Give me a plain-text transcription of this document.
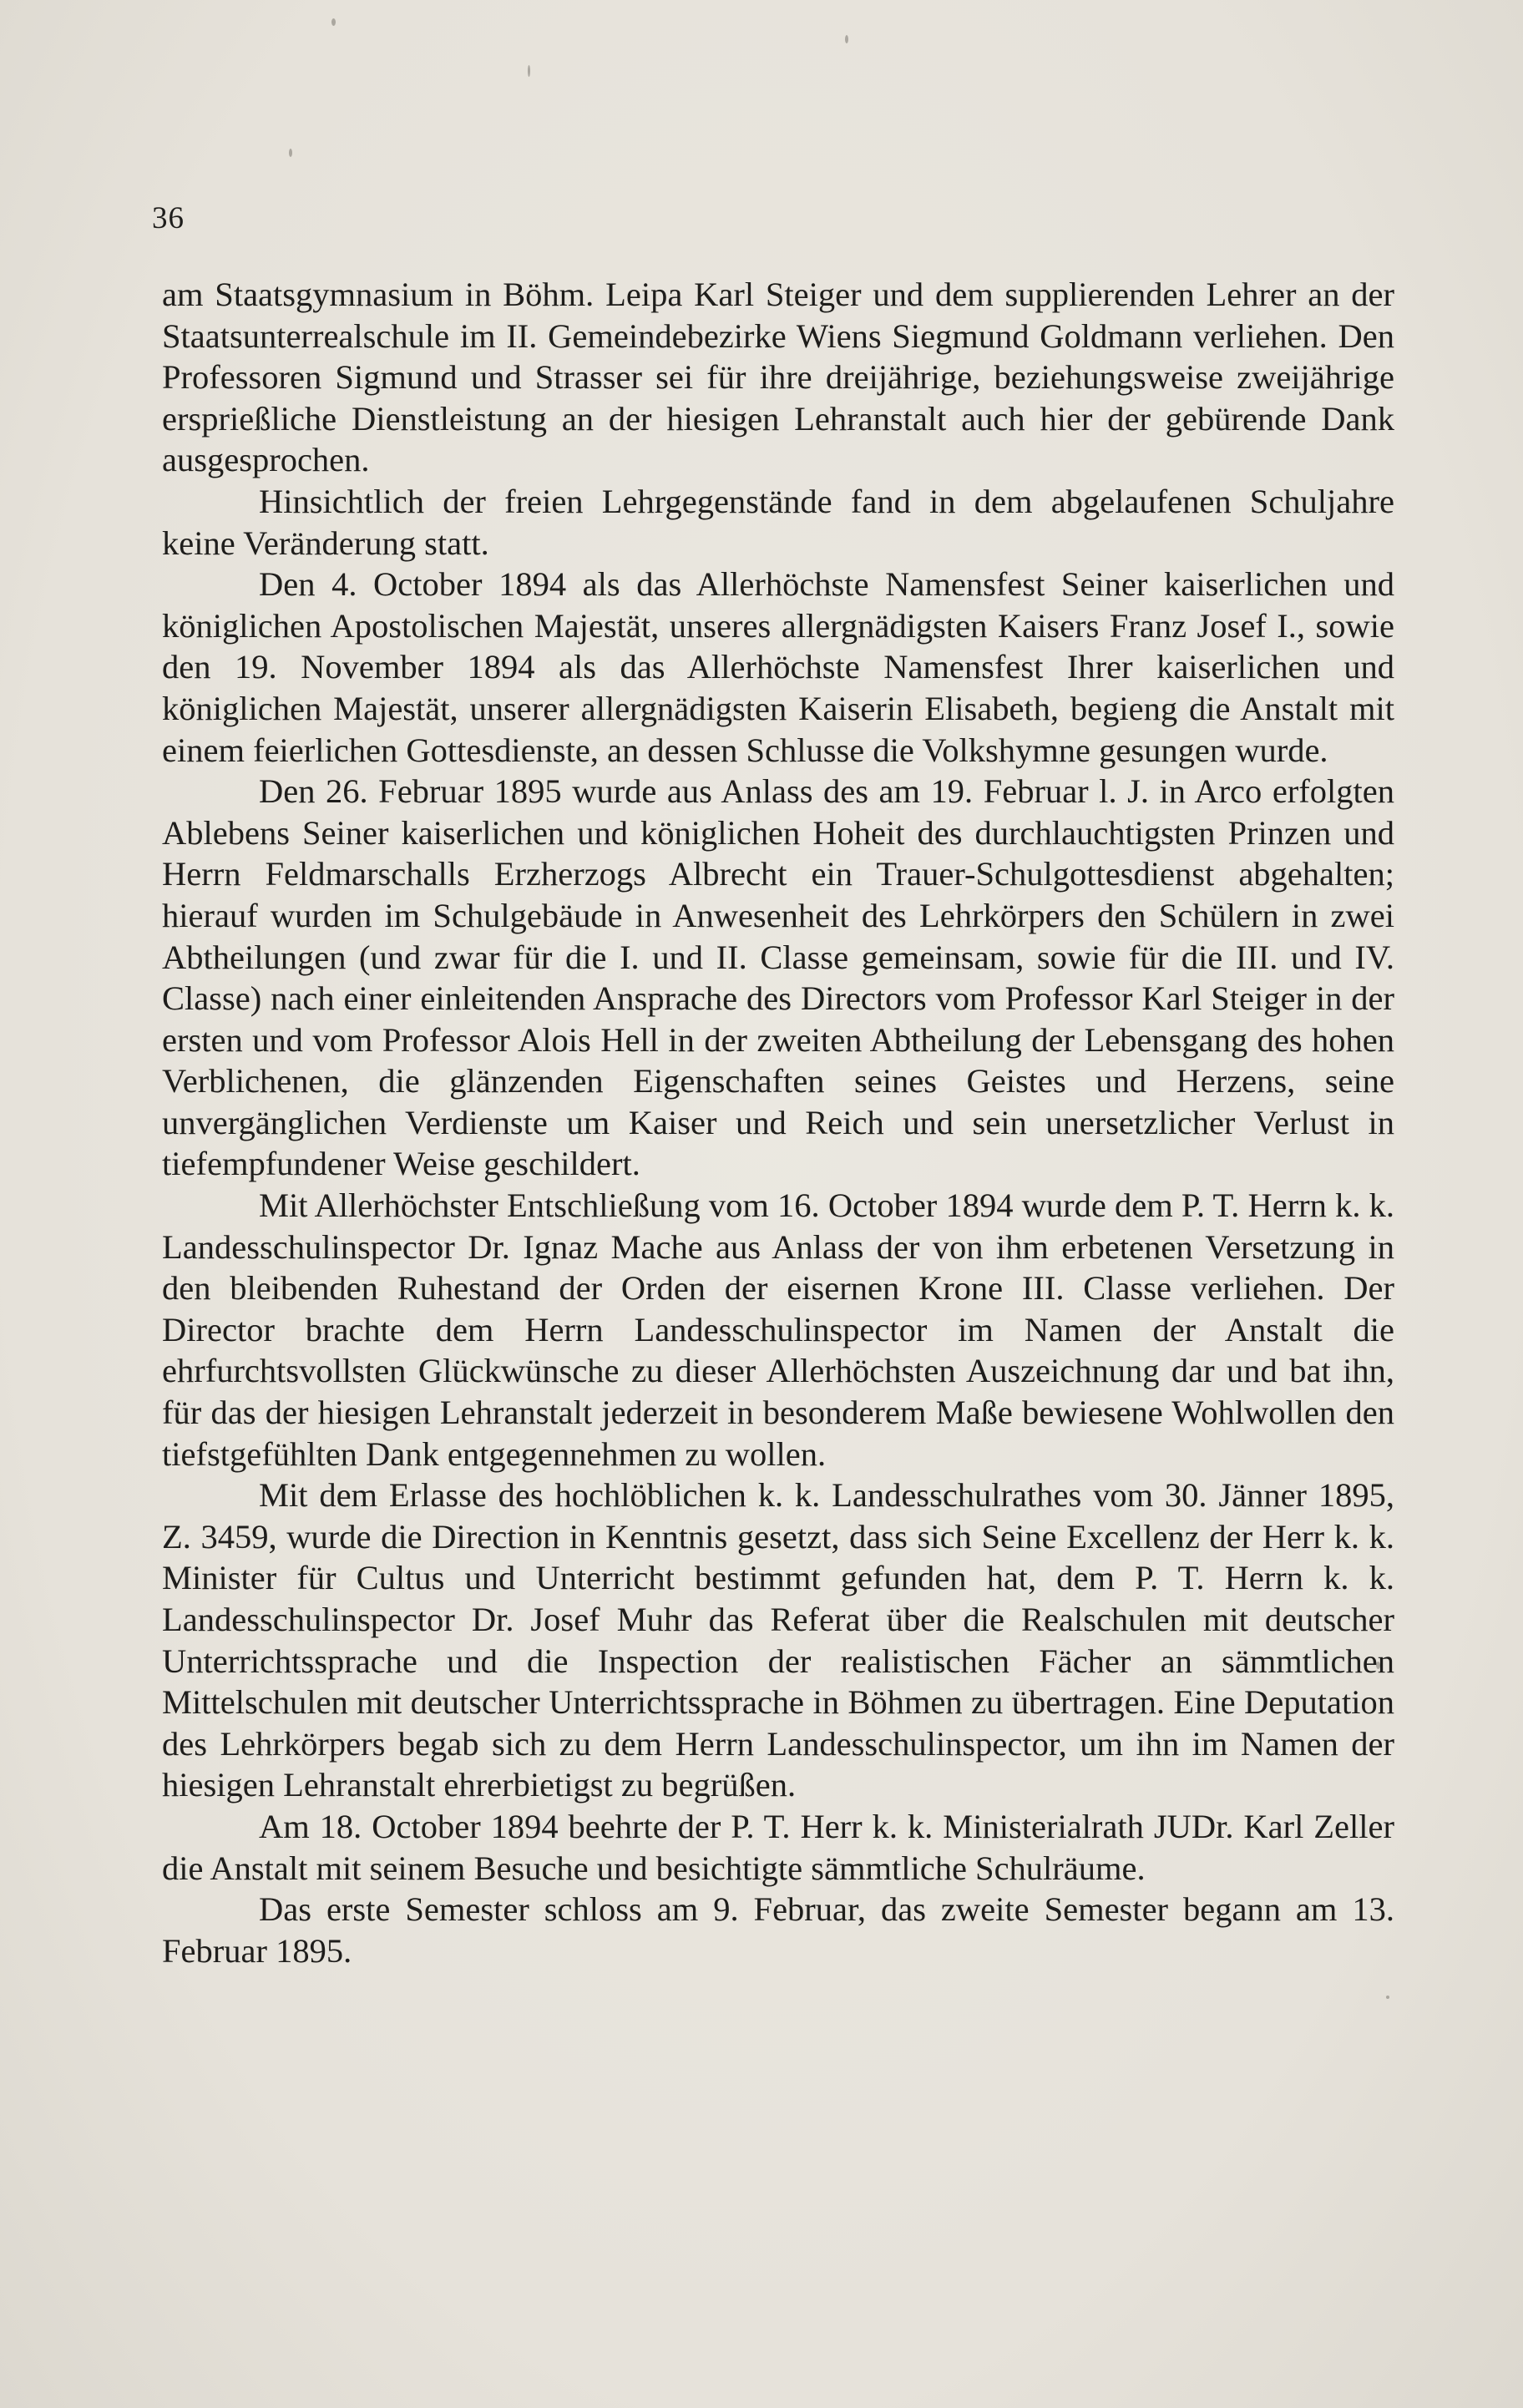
36

am Staatsgymnasium in Böhm. Leipa Karl Steiger und dem supplierenden Lehrer an der Staatsunterrealschule im II. Gemeindebezirke Wiens Siegmund Goldmann verliehen. Den Professoren Sigmund und Strasser sei für ihre dreijährige, beziehungsweise zweijährige ersprießliche Dienstleistung an der hiesigen Lehranstalt auch hier der gebürende Dank ausgesprochen.

Hinsichtlich der freien Lehrgegenstände fand in dem abgelaufenen Schuljahre keine Veränderung statt.

Den 4. October 1894 als das Allerhöchste Namensfest Seiner kaiserlichen und königlichen Apostolischen Majestät, unseres allergnädigsten Kaisers Franz Josef I., sowie den 19. November 1894 als das Allerhöchste Namensfest Ihrer kaiserlichen und königlichen Majestät, unserer allergnädigsten Kaiserin Elisabeth, begieng die Anstalt mit einem feierlichen Gottesdienste, an dessen Schlusse die Volkshymne gesungen wurde.

Den 26. Februar 1895 wurde aus Anlass des am 19. Februar l. J. in Arco erfolgten Ablebens Seiner kaiserlichen und königlichen Hoheit des durchlauchtigsten Prinzen und Herrn Feldmarschalls Erzherzogs Albrecht ein Trauer-Schulgottesdienst abgehalten; hierauf wurden im Schulgebäude in Anwesenheit des Lehrkörpers den Schülern in zwei Abtheilungen (und zwar für die I. und II. Classe gemeinsam, sowie für die III. und IV. Classe) nach einer einleitenden Ansprache des Directors vom Professor Karl Steiger in der ersten und vom Professor Alois Hell in der zweiten Abtheilung der Lebensgang des hohen Verblichenen, die glänzenden Eigenschaften seines Geistes und Herzens, seine unvergänglichen Verdienste um Kaiser und Reich und sein unersetzlicher Verlust in tiefempfundener Weise geschildert.

Mit Allerhöchster Entschließung vom 16. October 1894 wurde dem P. T. Herrn k. k. Landesschulinspector Dr. Ignaz Mache aus Anlass der von ihm erbetenen Versetzung in den bleibenden Ruhestand der Orden der eisernen Krone III. Classe verliehen. Der Director brachte dem Herrn Landesschulinspector im Namen der Anstalt die ehrfurchtsvollsten Glückwünsche zu dieser Allerhöchsten Auszeichnung dar und bat ihn, für das der hiesigen Lehranstalt jederzeit in besonderem Maße bewiesene Wohlwollen den tiefstgefühlten Dank entgegennehmen zu wollen.

Mit dem Erlasse des hochlöblichen k. k. Landesschulrathes vom 30. Jänner 1895, Z. 3459, wurde die Direction in Kenntnis gesetzt, dass sich Seine Excellenz der Herr k. k. Minister für Cultus und Unterricht bestimmt gefunden hat, dem P. T. Herrn k. k. Landesschulinspector Dr. Josef Muhr das Referat über die Realschulen mit deutscher Unterrichtssprache und die Inspection der realistischen Fächer an sämmtlichen Mittelschulen mit deutscher Unterrichtssprache in Böhmen zu übertragen. Eine Deputation des Lehrkörpers begab sich zu dem Herrn Landesschulinspector, um ihn im Namen der hiesigen Lehranstalt ehrerbietigst zu begrüßen.

Am 18. October 1894 beehrte der P. T. Herr k. k. Ministerialrath JUDr. Karl Zeller die Anstalt mit seinem Besuche und besichtigte sämmtliche Schulräume.

Das erste Semester schloss am 9. Februar, das zweite Semester begann am 13. Februar 1895.
